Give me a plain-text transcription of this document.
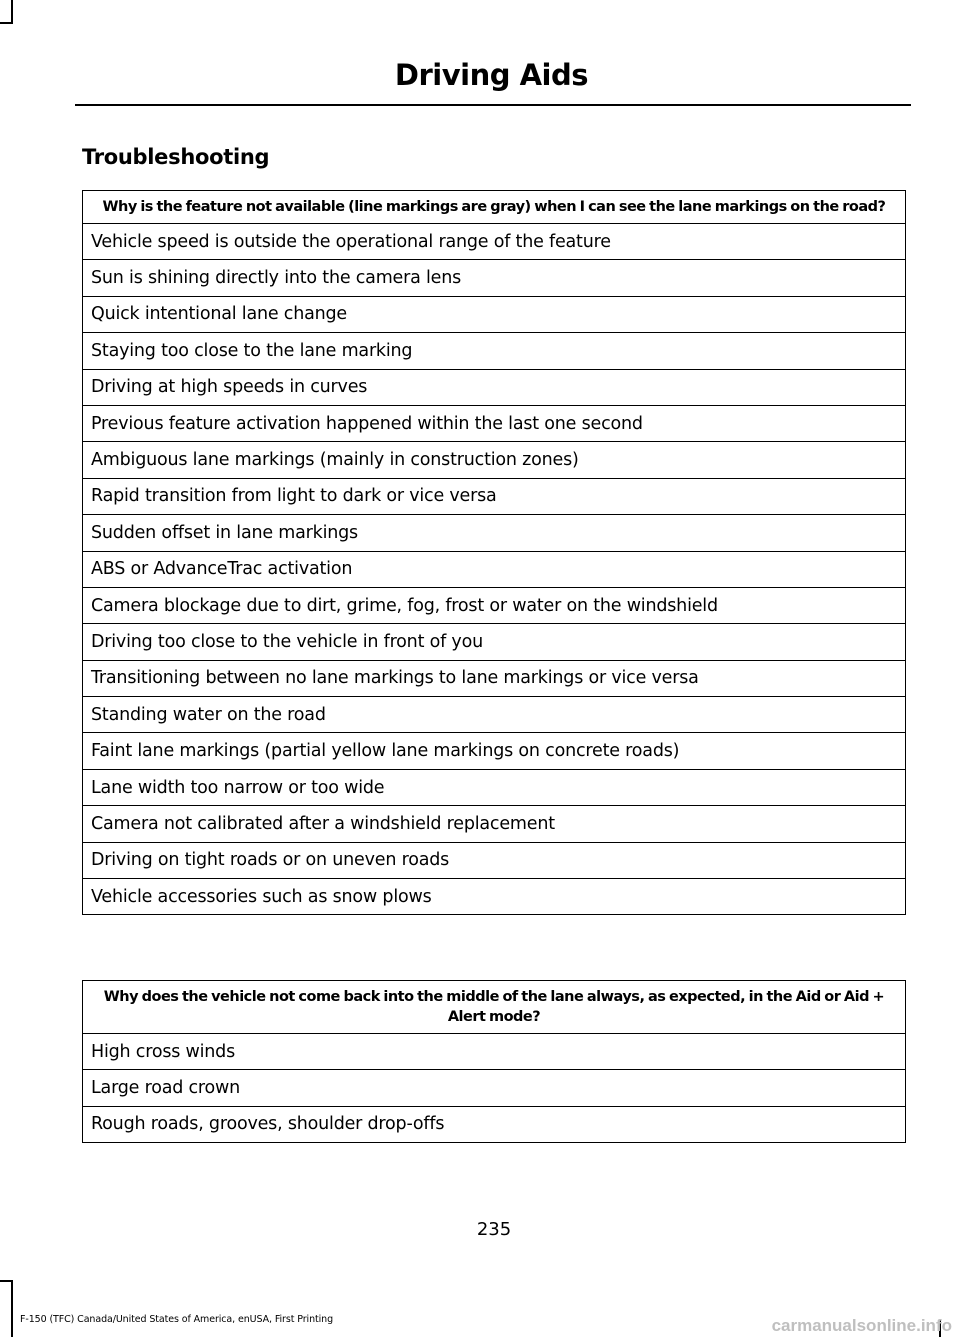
Driving Aids
Troubleshooting
Why is the feature not available (line markings are gray) when I can see the lane markings on the road?
Vehicle speed is outside the operational range of the feature
Sun is shining directly into the camera lens
Quick intentional lane change
Staying too close to the lane marking
Driving at high speeds in curves
Previous feature activation happened within the last one second
Ambiguous lane markings (mainly in construction zones)
Rapid transition from light to dark or vice versa
Sudden offset in lane markings
ABS or AdvanceTrac activation
Camera blockage due to dirt, grime, fog, frost or water on the windshield
Driving too close to the vehicle in front of you
Transitioning between no lane markings to lane markings or vice versa
Standing water on the road
Faint lane markings (partial yellow lane markings on concrete roads)
Lane width too narrow or too wide
Camera not calibrated after a windshield replacement
Driving on tight roads or on uneven roads
Vehicle accessories such as snow plows
Why does the vehicle not come back into the middle of the lane always, as expected, in the Aid or Aid + Alert mode?
High cross winds
Large road crown
Rough roads, grooves, shoulder drop-offs
235
F-150 (TFC) Canada/United States of America, enUSA, First Printing	carmanualsonline.info
